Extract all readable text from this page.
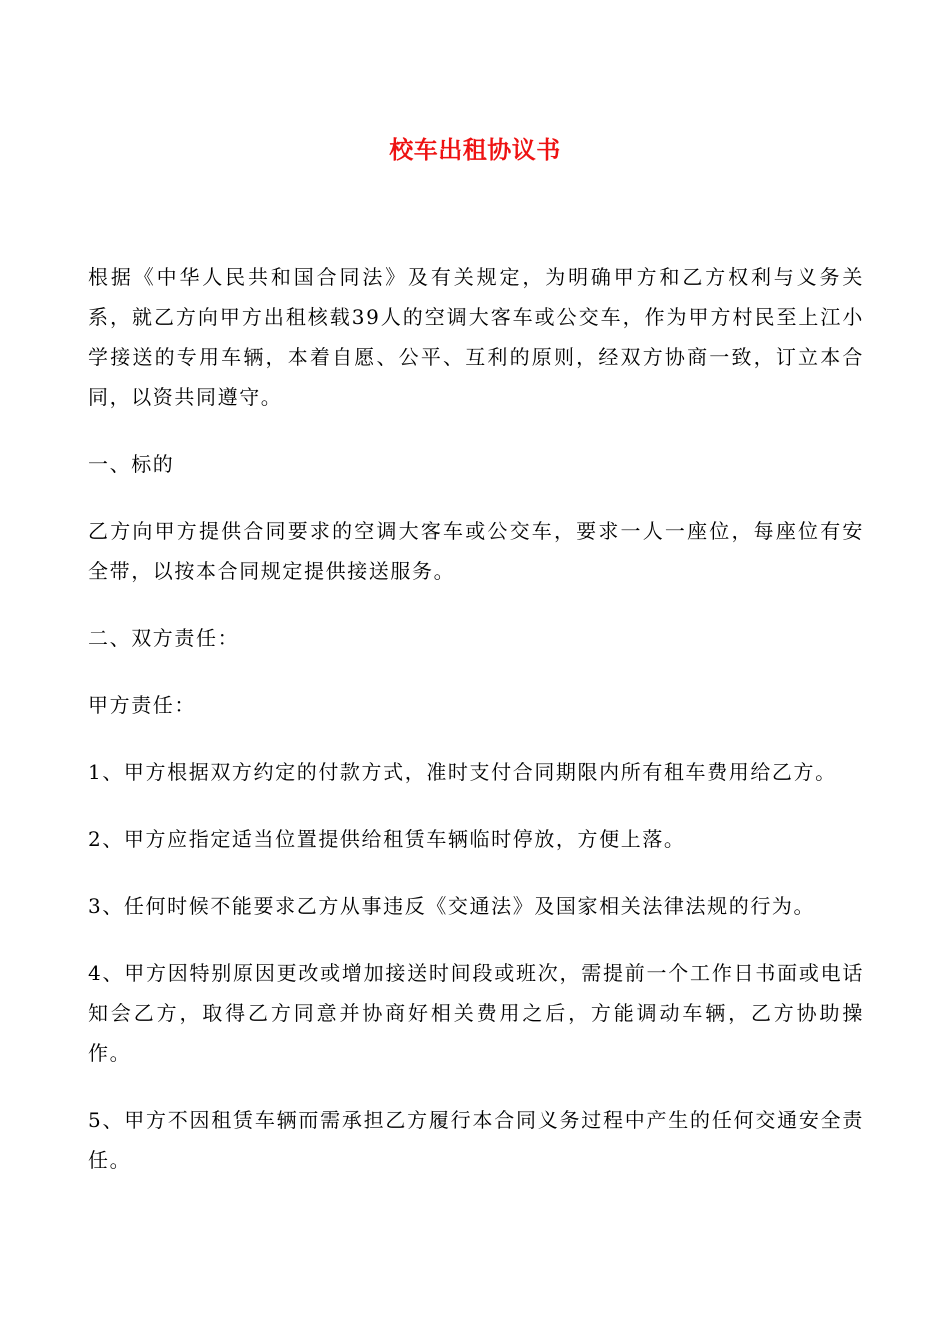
校车出租协议书

根据《中华人民共和国合同法》及有关规定，为明确甲方和乙方权利与义务关系，就乙方向甲方出租核载39人的空调大客车或公交车，作为甲方村民至上江小学接送的专用车辆，本着自愿、公平、互利的原则，经双方协商一致，订立本合同，以资共同遵守。

一、标的

乙方向甲方提供合同要求的空调大客车或公交车，要求一人一座位，每座位有安全带，以按本合同规定提供接送服务。

二、双方责任：

甲方责任：

1、甲方根据双方约定的付款方式，准时支付合同期限内所有租车费用给乙方。

2、甲方应指定适当位置提供给租赁车辆临时停放，方便上落。

3、任何时候不能要求乙方从事违反《交通法》及国家相关法律法规的行为。

4、甲方因特别原因更改或增加接送时间段或班次，需提前一个工作日书面或电话知会乙方，取得乙方同意并协商好相关费用之后，方能调动车辆，乙方协助操作。

5、甲方不因租赁车辆而需承担乙方履行本合同义务过程中产生的任何交通安全责任。
